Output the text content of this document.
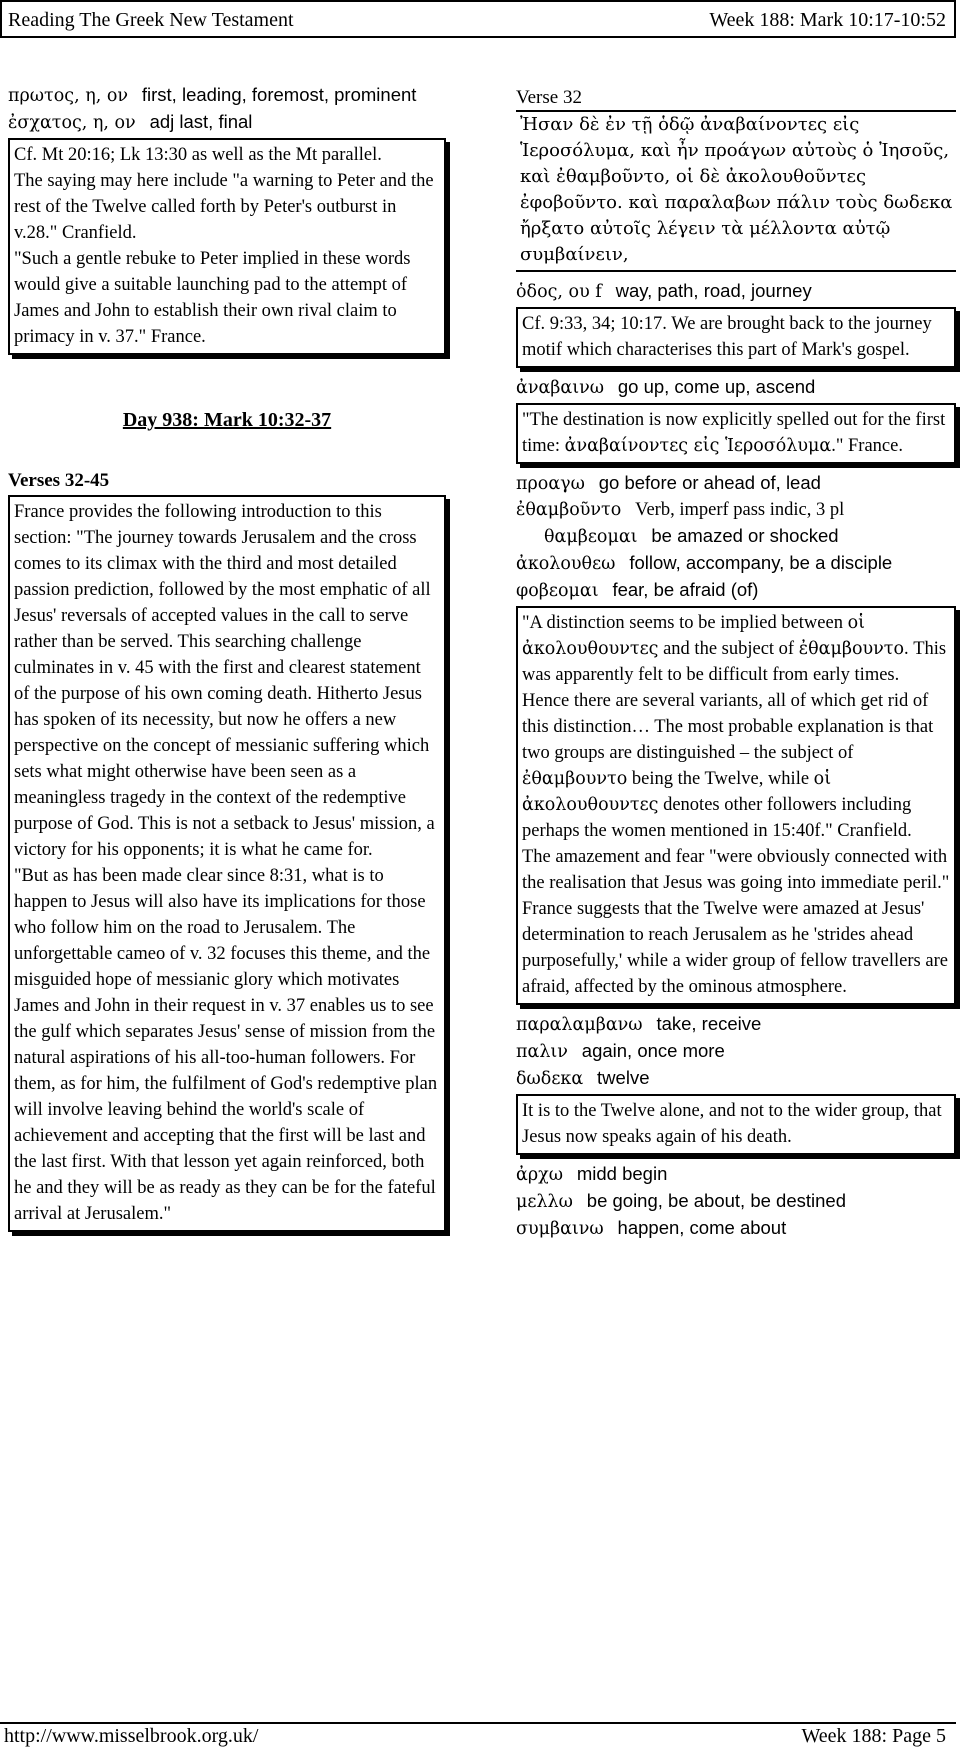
Reading The Greek New Testament	Week 188: Mark 10:17-10:52
πρωτος, η, ον first, leading, foremost, prominent
ἐσχατος, η, ον adj last, final

Cf. Mt 20:16; Lk 13:30 as well as the Mt parallel.

The saying may here include "a warning to Peter and the rest of the Twelve called forth by Peter's outburst in v.28." Cranfield.

"Such a gentle rebuke to Peter implied in these words would give a suitable launching pad to the attempt of James and John to establish their own rival claim to primacy in v. 37." France.

Day 938: Mark 10:32-37
Verses 32-45

France provides the following introduction to this section: "The journey towards Jerusalem and the cross comes to its climax with the third and most detailed passion prediction, followed by the most emphatic of all Jesus' reversals of accepted values in the call to serve rather than be served. This searching challenge culminates in v. 45 with the first and clearest statement of the purpose of his own coming death. Hitherto Jesus has spoken of its necessity, but now he offers a new perspective on the concept of messianic suffering which sets what might otherwise have been seen as a meaningless tragedy in the context of the redemptive purpose of God. This is not a setback to Jesus' mission, a victory for his opponents; it is what he came for.

"But as has been made clear since 8:31, what is to happen to Jesus will also have its implications for those who follow him on the road to Jerusalem. The unforgettable cameo of v. 32 focuses this theme, and the misguided hope of messianic glory which motivates James and John in their request in v. 37 enables us to see the gulf which separates Jesus' sense of mission from the natural aspirations of his all-too-human followers. For them, as for him, the fulfilment of God's redemptive plan will involve leaving behind the world's scale of achievement and accepting that the first will be last and the last first. With that lesson yet again reinforced, both he and they will be as ready as they can be for the fateful arrival at Jerusalem."

Verse 32
Ἠσαν δὲ ἐν τῇ ὁδῷ ἀναβαίνοντες εἰς Ἱεροσόλυμα, καὶ ἦν προάγων αὐτοὺς ὁ Ἰησοῦς, καὶ ἐθαμβοῦντο, οἱ δὲ ἀκολουθοῦντες ἐφοβοῦντο. καὶ παραλαβων πάλιν τοὺς δωδεκα ἤρξατο αὐτοῖς λέγειν τὰ μέλλοντα αὐτῷ συμβαίνειν,
ὁδος, ου f way, path, road, journey

Cf. 9:33, 34; 10:17. We are brought back to the journey motif which characterises this part of Mark's gospel.

ἀναβαινω go up, come up, ascend

"The destination is now explicitly spelled out for the first time: ἀναβαίνοντες εἰς Ἱεροσόλυμα." France.

προαγω go before or ahead of, lead
ἐθαμβοῦντο Verb, imperf pass indic, 3 pl
θαμβεομαι be amazed or shocked
ἀκολουθεω follow, accompany, be a disciple
φοβεομαι fear, be afraid (of)

"A distinction seems to be implied between οἱ ἀκολουθουντες and the subject of ἐθαμβουντο. This was apparently felt to be difficult from early times. Hence there are several variants, all of which get rid of this distinction… The most probable explanation is that two groups are distinguished – the subject of ἐθαμβουντο being the Twelve, while οἱ ἀκολουθουντες denotes other followers including perhaps the women mentioned in 15:40f." Cranfield.

The amazement and fear "were obviously connected with the realisation that Jesus was going into immediate peril."

France suggests that the Twelve were amazed at Jesus' determination to reach Jerusalem as he 'strides ahead purposefully,' while a wider group of fellow travellers are afraid, affected by the ominous atmosphere.

παραλαμβανω take, receive
παλιν again, once more
δωδεκα twelve

It is to the Twelve alone, and not to the wider group, that Jesus now speaks again of his death.

ἀρχω midd begin
μελλω be going, be about, be destined
συμβαινω happen, come about
http://www.misselbrook.org.uk/	Week 188: Page 5
